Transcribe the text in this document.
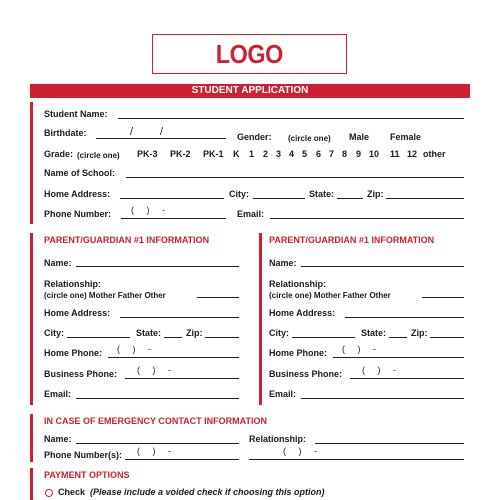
LOGO
STUDENT APPLICATION
Student Name:
Birthdate:	/ /	Gender: (circle one) Male Female
Grade: (circle one) PK-3 PK-2 PK-1 K 1 2 3 4 5 6 7 8 9 10 11 12 other
Name of School:
Home Address:	City:	State:	Zip:
Phone Number: (     )     -	Email:
PARENT/GUARDIAN #1 INFORMATION
Name:
Relationship:
(circle one) Mother Father Other
Home Address:
City:	State:	Zip:
Home Phone: (     )     -
Business Phone: (     )     -
Email:
PARENT/GUARDIAN #1 INFORMATION
Name:
Relationship:
(circle one) Mother Father Other
Home Address:
City:	State:	Zip:
Home Phone: (     )     -
Business Phone: (     )     -
Email:
IN CASE OF EMERGENCY CONTACT INFORMATION
Name:	Relationship:
Phone Number(s): (     )     -	(     )     -
PAYMENT OPTIONS
Check (Please include a voided check if choosing this option)
